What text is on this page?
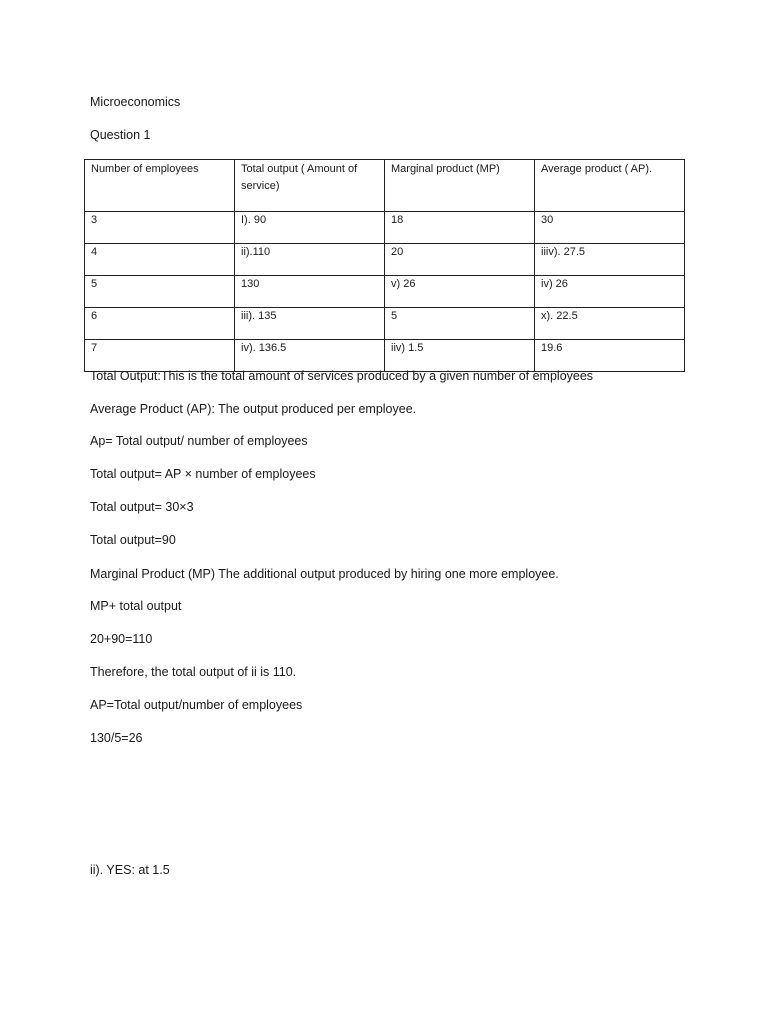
Microeconomics
Question 1
Number of employees	Total output ( Amount of service)	Marginal product (MP)	Average product ( AP).
3	I). 90	18	30
4	ii).110	20	iiiv). 27.5
5	130	v) 26	iv) 26
6	iii). 135	5	x). 22.5
7	iv). 136.5	iiv) 1.5	19.6
Total Output:This is the total amount of services produced by a given number of employees
Average Product (AP): The output produced per employee.
Ap= Total output/ number of employees
Total output= AP × number of employees
Total output= 30×3
Total output=90
Marginal Product (MP) The additional output produced by hiring one more employee.
MP+ total output
20+90=110
Therefore, the total output of ii is 110.
AP=Total output/number of employees
130/5=26
ii). YES: at 1.5
